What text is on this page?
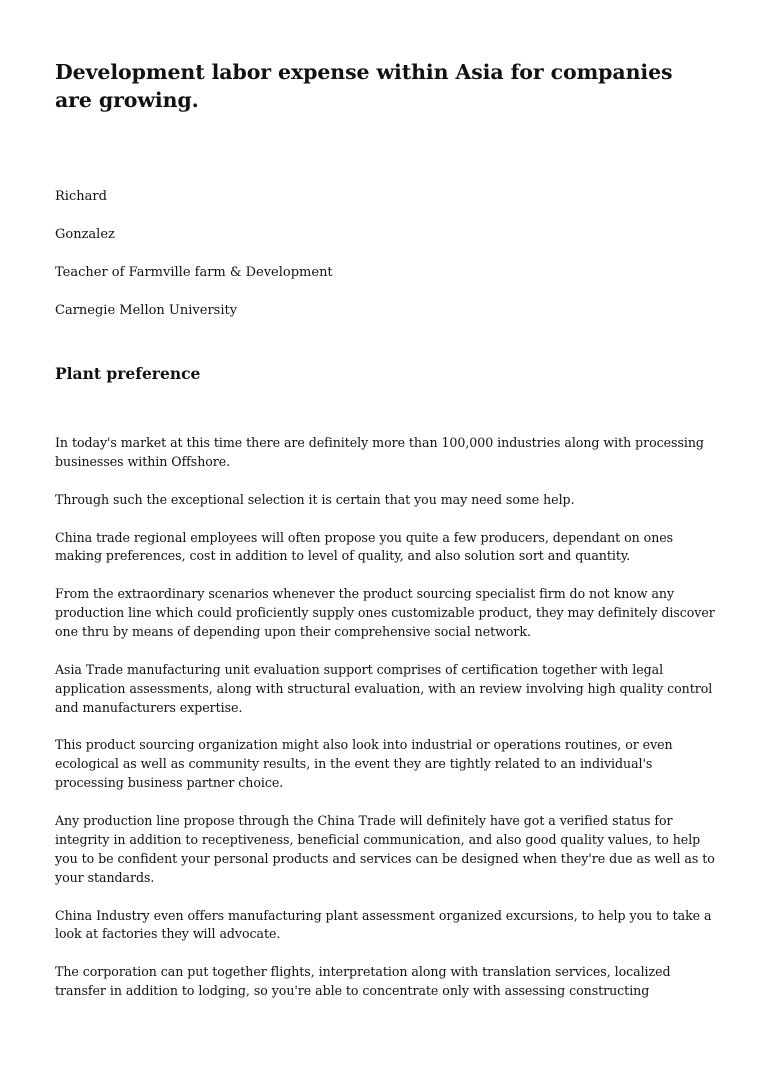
Development labor expense within Asia for companies are growing.

Richard

Gonzalez

Teacher of Farmville farm & Development

Carnegie Mellon University

Plant preference

In today's market at this time there are definitely more than 100,000 industries along with processing businesses within Offshore.

Through such the exceptional selection it is certain that you may need some help.

China trade regional employees will often propose you quite a few producers, dependant on ones making preferences, cost in addition to level of quality, and also solution sort and quantity.

From the extraordinary scenarios whenever the product sourcing specialist firm do not know any production line which could proficiently supply ones customizable product, they may definitely discover one thru by means of depending upon their comprehensive social network.

Asia Trade manufacturing unit evaluation support comprises of certification together with legal application assessments, along with structural evaluation, with an review involving high quality control and manufacturers expertise.

This product sourcing organization might also look into industrial or operations routines, or even ecological as well as community results, in the event they are tightly related to an individual's processing business partner choice.

Any production line propose through the China Trade will definitely have got a verified status for integrity in addition to receptiveness, beneficial communication, and also good quality values, to help you to be confident your personal products and services can be designed when they're due as well as to your standards.

China Industry even offers manufacturing plant assessment organized excursions, to help you to take a look at factories they will advocate.

The corporation can put together flights, interpretation along with translation services, localized transfer in addition to lodging, so you're able to concentrate only with assessing constructing
